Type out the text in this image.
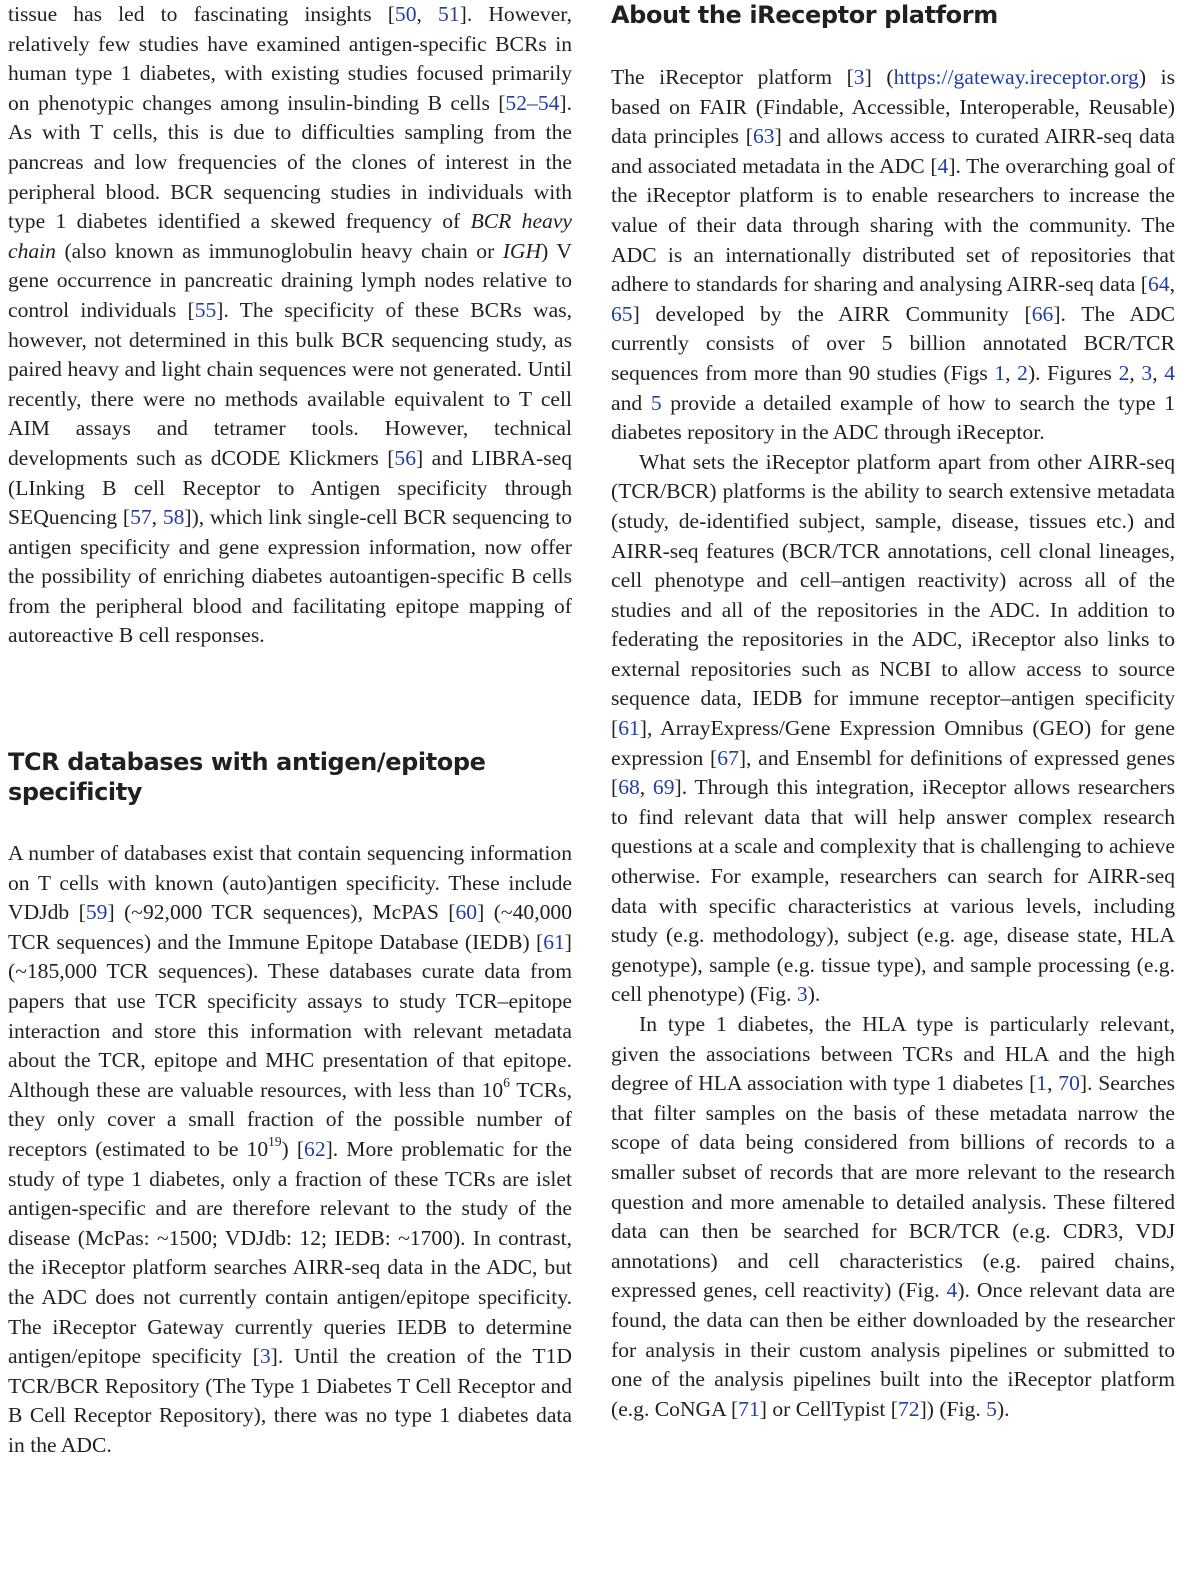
tissue has led to fascinating insights [50, 51]. However, relatively few studies have examined antigen-specific BCRs in human type 1 diabetes, with existing studies focused primarily on phenotypic changes among insulin-binding B cells [52–54]. As with T cells, this is due to difficulties sampling from the pancreas and low frequencies of the clones of interest in the peripheral blood. BCR sequencing studies in individuals with type 1 diabetes identified a skewed frequency of BCR heavy chain (also known as immunoglobulin heavy chain or IGH) V gene occurrence in pancreatic draining lymph nodes relative to control individuals [55]. The specificity of these BCRs was, however, not determined in this bulk BCR sequencing study, as paired heavy and light chain sequences were not generated. Until recently, there were no methods available equivalent to T cell AIM assays and tetramer tools. However, technical developments such as dCODE Klickmers [56] and LIBRA-seq (LInking B cell Receptor to Antigen specificity through SEQuencing [57, 58]), which link single-cell BCR sequencing to antigen specificity and gene expression information, now offer the possibility of enriching diabetes autoantigen-specific B cells from the peripheral blood and facilitating epitope mapping of autoreactive B cell responses.

TCR databases with antigen/epitope specificity

A number of databases exist that contain sequencing information on T cells with known (auto)antigen specificity. These include VDJdb [59] (~92,000 TCR sequences), McPAS [60] (~40,000 TCR sequences) and the Immune Epitope Database (IEDB) [61] (~185,000 TCR sequences). These databases curate data from papers that use TCR specificity assays to study TCR–epitope interaction and store this information with relevant metadata about the TCR, epitope and MHC presentation of that epitope. Although these are valuable resources, with less than $10^6$ TCRs, they only cover a small fraction of the possible number of receptors (estimated to be $10^{19}$) [62]. More problematic for the study of type 1 diabetes, only a fraction of these TCRs are islet antigen-specific and are therefore relevant to the study of the disease (McPas: ~1500; VDJdb: 12; IEDB: ~1700). In contrast, the iReceptor platform searches AIRR-seq data in the ADC, but the ADC does not currently contain antigen/epitope specificity. The iReceptor Gateway currently queries IEDB to determine antigen/epitope specificity [3]. Until the creation of the T1D TCR/BCR Repository (The Type 1 Diabetes T Cell Receptor and B Cell Receptor Repository), there was no type 1 diabetes data in the ADC.

About the iReceptor platform

The iReceptor platform [3] (https://gateway.ireceptor.org) is based on FAIR (Findable, Accessible, Interoperable, Reusable) data principles [63] and allows access to curated AIRR-seq data and associated metadata in the ADC [4]. The overarching goal of the iReceptor platform is to enable researchers to increase the value of their data through sharing with the community. The ADC is an internationally distributed set of repositories that adhere to standards for sharing and analysing AIRR-seq data [64, 65] developed by the AIRR Community [66]. The ADC currently consists of over 5 billion annotated BCR/TCR sequences from more than 90 studies (Figs 1, 2). Figures 2, 3, 4 and 5 provide a detailed example of how to search the type 1 diabetes repository in the ADC through iReceptor.

What sets the iReceptor platform apart from other AIRR-seq (TCR/BCR) platforms is the ability to search extensive metadata (study, de-identified subject, sample, disease, tissues etc.) and AIRR-seq features (BCR/TCR annotations, cell clonal lineages, cell phenotype and cell–antigen reactivity) across all of the studies and all of the repositories in the ADC. In addition to federating the repositories in the ADC, iReceptor also links to external repositories such as NCBI to allow access to source sequence data, IEDB for immune receptor–antigen specificity [61], ArrayExpress/Gene Expression Omnibus (GEO) for gene expression [67], and Ensembl for definitions of expressed genes [68, 69]. Through this integration, iReceptor allows researchers to find relevant data that will help answer complex research questions at a scale and complexity that is challenging to achieve otherwise. For example, researchers can search for AIRR-seq data with specific characteristics at various levels, including study (e.g. methodology), subject (e.g. age, disease state, HLA genotype), sample (e.g. tissue type), and sample processing (e.g. cell phenotype) (Fig. 3).

In type 1 diabetes, the HLA type is particularly relevant, given the associations between TCRs and HLA and the high degree of HLA association with type 1 diabetes [1, 70]. Searches that filter samples on the basis of these metadata narrow the scope of data being considered from billions of records to a smaller subset of records that are more relevant to the research question and more amenable to detailed analysis. These filtered data can then be searched for BCR/TCR (e.g. CDR3, VDJ annotations) and cell characteristics (e.g. paired chains, expressed genes, cell reactivity) (Fig. 4). Once relevant data are found, the data can then be either downloaded by the researcher for analysis in their custom analysis pipelines or submitted to one of the analysis pipelines built into the iReceptor platform (e.g. CoNGA [71] or CellTypist [72]) (Fig. 5).
